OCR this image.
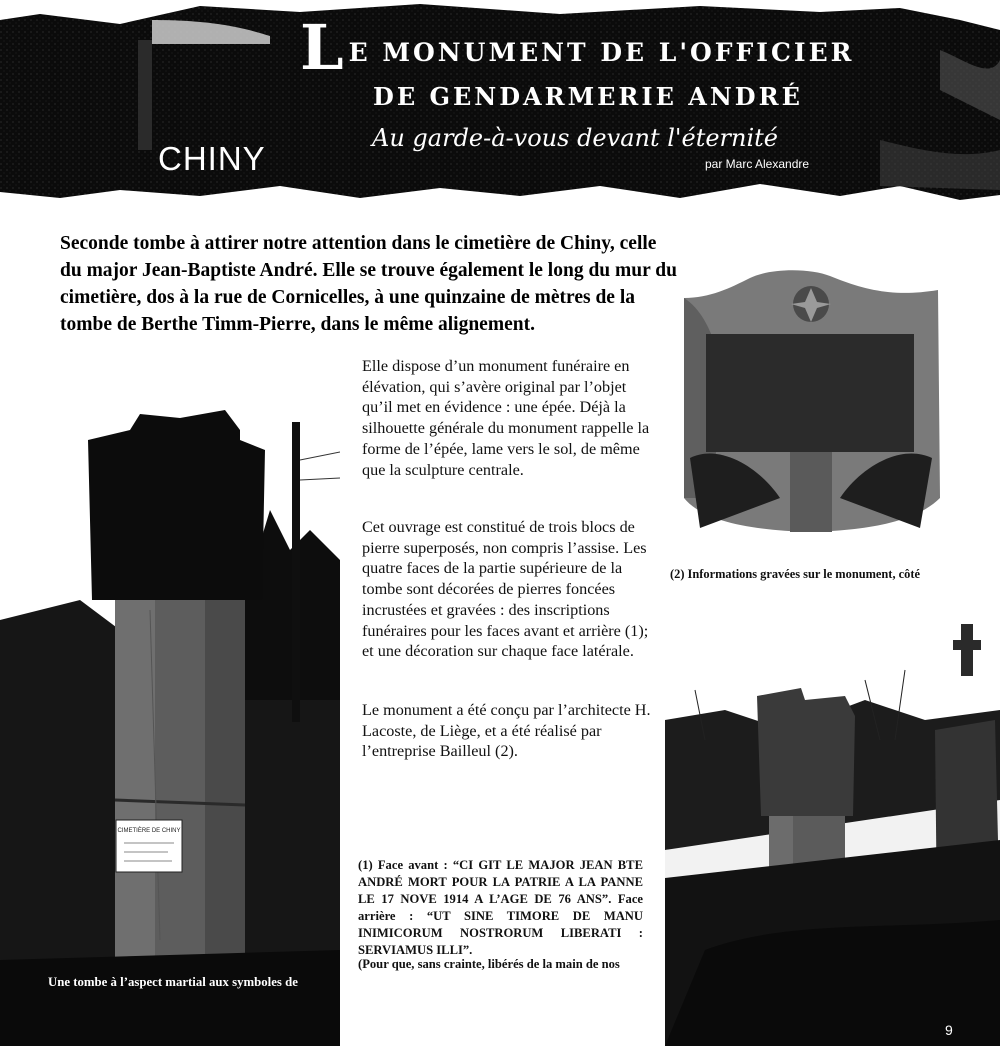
LE MONUMENT DE L'OFFICIER
DE GENDARMERIE ANDRÉ
Au garde-à-vous devant l'éternité
par Marc Alexandre
CHINY

Seconde tombe à attirer notre attention dans le cimetière de Chiny, celle du major Jean-Baptiste André. Elle se trouve également le long du mur du cimetière, dos à la rue de Cornicelles, à une quinzaine de mètres de la tombe de Berthe Timm-Pierre, dans le même alignement.

CIMETIÈRE DE CHINY
Une tombe à l’aspect martial aux symboles de

Elle dispose d’un monument funéraire en élévation, qui s’avère original par l’objet qu’il met en évidence : une épée. Déjà la silhouette générale du monument rappelle la forme de l’épée, lame vers le sol, de même que la sculpture centrale.

Cet ouvrage est constitué de trois blocs de pierre superposés, non compris l’assise. Les quatre faces de la partie supérieure de la tombe sont décorées de pierres foncées incrustées et gravées : des inscriptions funéraires pour les faces avant et arrière (1); et une décoration sur chaque face latérale.

Le monument a été conçu par l’architecte H. Lacoste, de Liège, et a été réalisé par l’entreprise Bailleul (2).

(1) Face avant : “CI GIT LE MAJOR JEAN BTE ANDRÉ MORT POUR LA PATRIE A LA PANNE LE 17 NOVE 1914 A L’AGE DE 76 ANS”. Face arrière : “UT SINE TIMORE DE MANU INIMICORUM NOSTRORUM LIBERATI : SERVIAMUS ILLI”.

(Pour que, sans crainte, libérés de la main de nos

(2) Informations gravées sur le monument, côté
9
